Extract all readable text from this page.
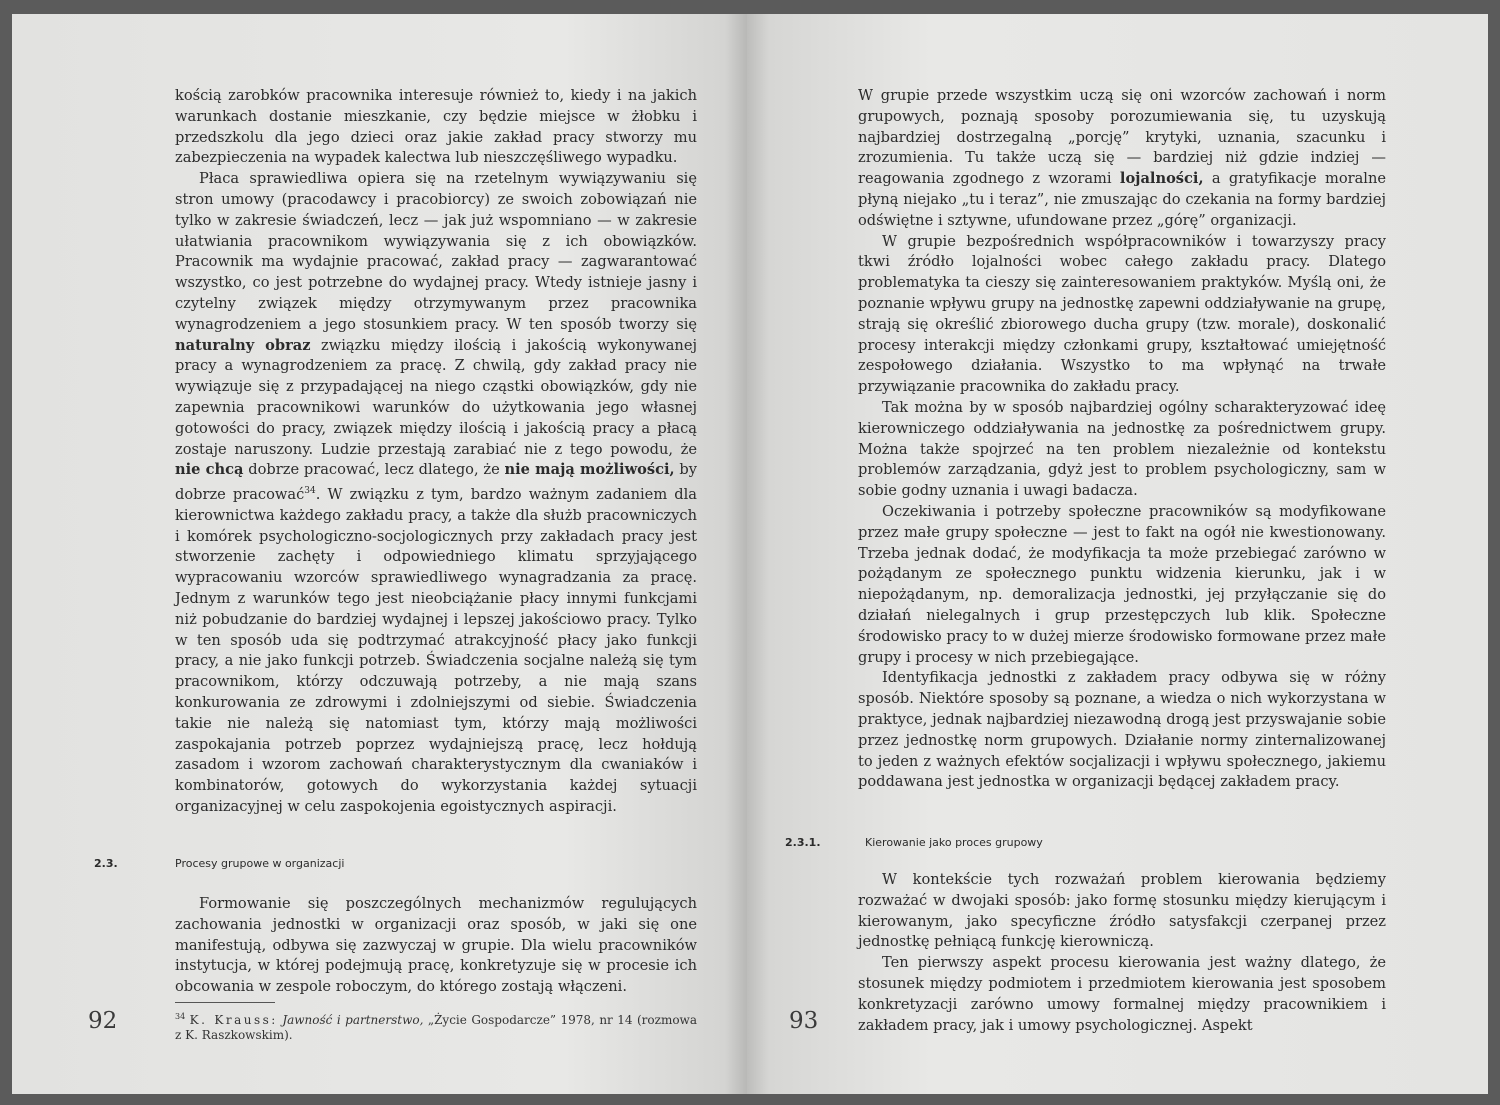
kością zarobków pracownika interesuje również to, kiedy i na jakich warunkach dostanie mieszkanie, czy będzie miejsce w żłobku i przedszkolu dla jego dzieci oraz jakie zakład pracy stworzy mu zabezpieczenia na wypadek kalectwa lub nieszczęśliwego wypadku.

Płaca sprawiedliwa opiera się na rzetelnym wywiązywaniu się stron umowy (pracodawcy i pracobiorcy) ze swoich zobowiązań nie tylko w zakresie świadczeń, lecz — jak już wspomniano — w zakresie ułatwiania pracownikom wywiązywania się z ich obowiązków. Pracownik ma wydajnie pracować, zakład pracy — zagwarantować wszystko, co jest potrzebne do wydajnej pracy. Wtedy istnieje jasny i czytelny związek między otrzymywanym przez pracownika wynagrodzeniem a jego stosunkiem pracy. W ten sposób tworzy się naturalny obraz związku między ilością i jakością wykonywanej pracy a wynagrodzeniem za pracę. Z chwilą, gdy zakład pracy nie wywiązuje się z przypadającej na niego cząstki obowiązków, gdy nie zapewnia pracownikowi warunków do użytkowania jego własnej gotowości do pracy, związek między ilością i jakością pracy a płacą zostaje naruszony. Ludzie przestają zarabiać nie z tego powodu, że nie chcą dobrze pracować, lecz dlatego, że nie mają możliwości, by dobrze pracować$^{34}$. W związku z tym, bardzo ważnym zadaniem dla kierownictwa każdego zakładu pracy, a także dla służb pracowniczych i komórek psychologiczno-socjologicznych przy zakładach pracy jest stworzenie zachęty i odpowiedniego klimatu sprzyjającego wypracowaniu wzorców sprawiedliwego wynagradzania za pracę. Jednym z warunków tego jest nieobciążanie płacy innymi funkcjami niż pobudzanie do bardziej wydajnej i lepszej jakościowo pracy. Tylko w ten sposób uda się podtrzymać atrakcyjność płacy jako funkcji pracy, a nie jako funkcji potrzeb. Świadczenia socjalne należą się tym pracownikom, którzy odczuwają potrzeby, a nie mają szans konkurowania ze zdrowymi i zdolniejszymi od siebie. Świadczenia takie nie należą się natomiast tym, którzy mają możliwości zaspokajania potrzeb poprzez wydajniejszą pracę, lecz hołdują zasadom i wzorom zachowań charakterystycznym dla cwaniaków i kombinatorów, gotowych do wykorzystania każdej sytuacji organizacyjnej w celu zaspokojenia egoistycznych aspiracji.

2.3.	Procesy grupowe w organizacji

Formowanie się poszczególnych mechanizmów regulujących zachowania jednostki w organizacji oraz sposób, w jaki się one manifestują, odbywa się zazwyczaj w grupie. Dla wielu pracowników instytucja, w której podejmują pracę, konkretyzuje się w procesie ich obcowania w zespole roboczym, do którego zostają włączeni.

$^{34}$ K. Krauss: Jawność i partnerstwo, „Życie Gospodarcze” 1978, nr 14 (rozmowa z K. Raszkowskim).
92

W grupie przede wszystkim uczą się oni wzorców zachowań i norm grupowych, poznają sposoby porozumiewania się, tu uzyskują najbardziej dostrzegalną „porcję” krytyki, uznania, szacunku i zrozumienia. Tu także uczą się — bardziej niż gdzie indziej — reagowania zgodnego z wzorami lojalności, a gratyfikacje moralne płyną niejako „tu i teraz”, nie zmuszając do czekania na formy bardziej odświętne i sztywne, ufundowane przez „górę” organizacji.

W grupie bezpośrednich współpracowników i towarzyszy pracy tkwi źródło lojalności wobec całego zakładu pracy. Dlatego problematyka ta cieszy się zainteresowaniem praktyków. Myślą oni, że poznanie wpływu grupy na jednostkę zapewni oddziaływanie na grupę, strają się określić zbiorowego ducha grupy (tzw. morale), doskonalić procesy interakcji między członkami grupy, kształtować umiejętność zespołowego działania. Wszystko to ma wpłynąć na trwałe przywiązanie pracownika do zakładu pracy.

Tak można by w sposób najbardziej ogólny scharakteryzować ideę kierowniczego oddziaływania na jednostkę za pośrednictwem grupy. Można także spojrzeć na ten problem niezależnie od kontekstu problemów zarządzania, gdyż jest to problem psychologiczny, sam w sobie godny uznania i uwagi badacza.

Oczekiwania i potrzeby społeczne pracowników są modyfikowane przez małe grupy społeczne — jest to fakt na ogół nie kwestionowany. Trzeba jednak dodać, że modyfikacja ta może przebiegać zarówno w pożądanym ze społecznego punktu widzenia kierunku, jak i w niepożądanym, np. demoralizacja jednostki, jej przyłączanie się do działań nielegalnych i grup przestępczych lub klik. Społeczne środowisko pracy to w dużej mierze środowisko formowane przez małe grupy i procesy w nich przebiegające.

Identyfikacja jednostki z zakładem pracy odbywa się w różny sposób. Niektóre sposoby są poznane, a wiedza o nich wykorzystana w praktyce, jednak najbardziej niezawodną drogą jest przyswajanie sobie przez jednostkę norm grupowych. Działanie normy zinternalizowanej to jeden z ważnych efektów socjalizacji i wpływu społecznego, jakiemu poddawana jest jednostka w organizacji będącej zakładem pracy.

2.3.1.	Kierowanie jako proces grupowy

W kontekście tych rozważań problem kierowania będziemy rozważać w dwojaki sposób: jako formę stosunku między kierującym i kierowanym, jako specyficzne źródło satysfakcji czerpanej przez jednostkę pełniącą funkcję kierowniczą.

Ten pierwszy aspekt procesu kierowania jest ważny dlatego, że stosunek między podmiotem i przedmiotem kierowania jest sposobem konkretyzacji zarówno umowy formalnej między pracownikiem i zakładem pracy, jak i umowy psychologicznej. Aspekt

93
